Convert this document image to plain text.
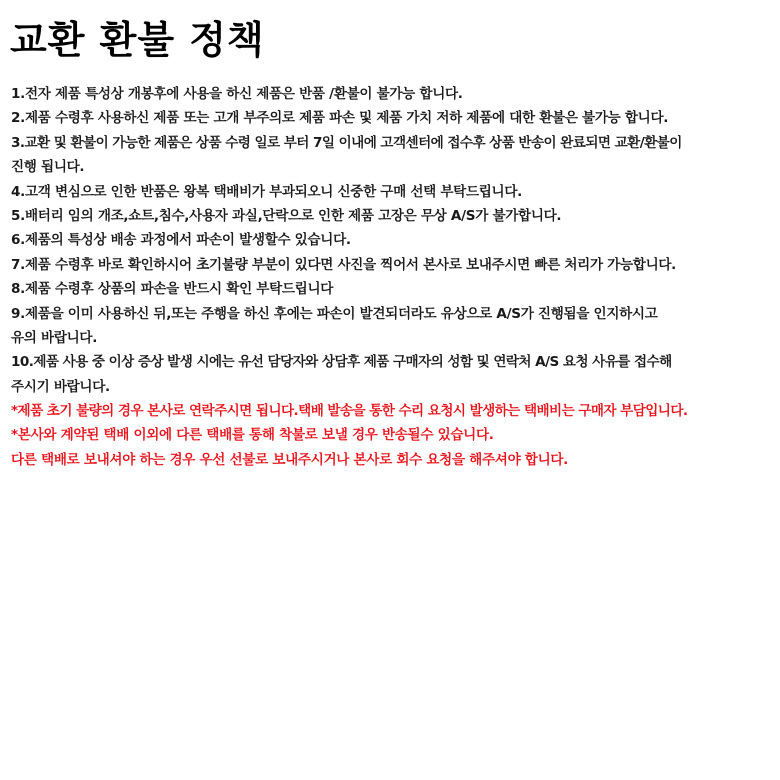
교환 환불 정책
1.전자 제품 특성상 개봉후에 사용을 하신 제품은 반품 /환불이 불가능 합니다.
2.제품 수령후 사용하신 제품 또는 고개 부주의로 제품 파손 및 제품 가치 저하 제품에 대한 환불은 불가능 합니다.
3.교환 및 환불이 가능한 제품은 상품 수령 일로 부터 7일 이내에 고객센터에 접수후 상품 반송이 완료되면 교환/환불이
진행 됩니다.
4.고객 변심으로 인한 반품은 왕복 택배비가 부과되오니 신중한 구매 선택 부탁드립니다.
5.배터리 임의 개조,쇼트,침수,사용자 과실,단락으로 인한 제품 고장은 무상 A/S가 불가합니다.
6.제품의 특성상 배송 과정에서 파손이 발생할수 있습니다.
7.제품 수령후 바로 확인하시어 초기불량 부분이 있다면 사진을 찍어서 본사로 보내주시면 빠른 처리가 가능합니다.
8.제품 수령후 상품의 파손을 반드시 확인 부탁드립니다
9.제품을 이미 사용하신 뒤,또는 주행을 하신 후에는 파손이 발견되더라도 유상으로 A/S가 진행됨을 인지하시고
유의 바랍니다.
10.제품 사용 중 이상 증상 발생 시에는 유선 담당자와 상담후 제품 구매자의 성함 및 연락처 A/S 요청 사유를 접수해
주시기 바랍니다.
*제품 초기 불량의 경우 본사로 연락주시면 됩니다.택배 발송을 통한 수리 요청시 발생하는 택배비는 구매자 부담입니다.
*본사와 계약된 택배 이외에 다른 택배를 통해 착불로 보낼 경우 반송될수 있습니다.
다른 택배로 보내셔야 하는 경우 우선 선불로 보내주시거나 본사로 회수 요청을 해주셔야 합니다.
